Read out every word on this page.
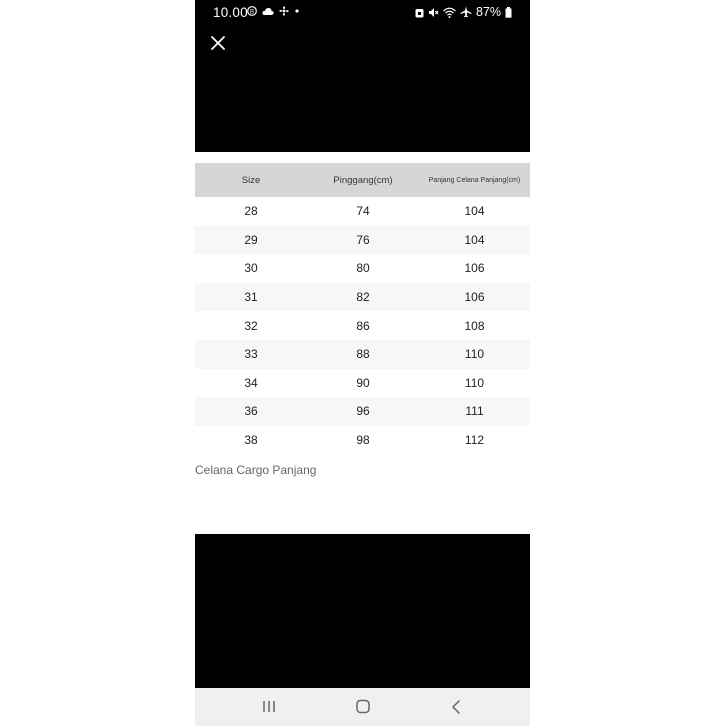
10.00 B	87%
Size	Pinggang(cm)	Panjang Celana Panjang(cm)
28	74	104
29	76	104
30	80	106
31	82	106
32	86	108
33	88	110
34	90	110
36	96	111
38	98	112
Celana Cargo Panjang
